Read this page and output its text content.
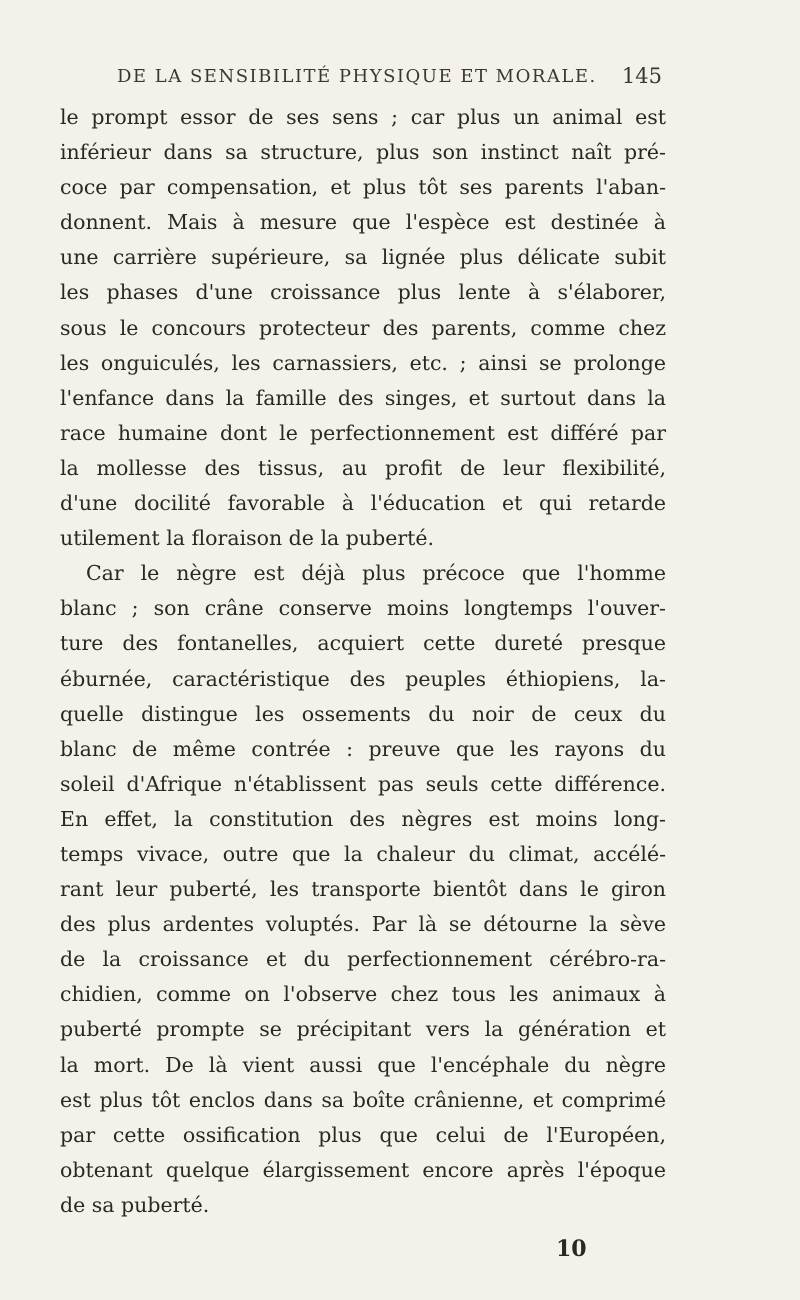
DE LA SENSIBILITÉ PHYSIQUE ET MORALE. 145
le prompt essor de ses sens ; car plus un animal est
inférieur dans sa structure, plus son instinct naît pré-
coce par compensation, et plus tôt ses parents l'aban-
donnent. Mais à mesure que l'espèce est destinée à
une carrière supérieure, sa lignée plus délicate subit
les phases d'une croissance plus lente à s'élaborer,
sous le concours protecteur des parents, comme chez
les onguiculés, les carnassiers, etc. ; ainsi se prolonge
l'enfance dans la famille des singes, et surtout dans la
race humaine dont le perfectionnement est différé par
la mollesse des tissus, au profit de leur flexibilité,
d'une docilité favorable à l'éducation et qui retarde
utilement la floraison de la puberté.
Car le nègre est déjà plus précoce que l'homme
blanc ; son crâne conserve moins longtemps l'ouver-
ture des fontanelles, acquiert cette dureté presque
éburnée, caractéristique des peuples éthiopiens, la-
quelle distingue les ossements du noir de ceux du
blanc de même contrée : preuve que les rayons du
soleil d'Afrique n'établissent pas seuls cette différence.
En effet, la constitution des nègres est moins long-
temps vivace, outre que la chaleur du climat, accélé-
rant leur puberté, les transporte bientôt dans le giron
des plus ardentes voluptés. Par là se détourne la sève
de la croissance et du perfectionnement cérébro-ra-
chidien, comme on l'observe chez tous les animaux à
puberté prompte se précipitant vers la génération et
la mort. De là vient aussi que l'encéphale du nègre
est plus tôt enclos dans sa boîte crânienne, et comprimé
par cette ossification plus que celui de l'Européen,
obtenant quelque élargissement encore après l'époque
de sa puberté.
10
